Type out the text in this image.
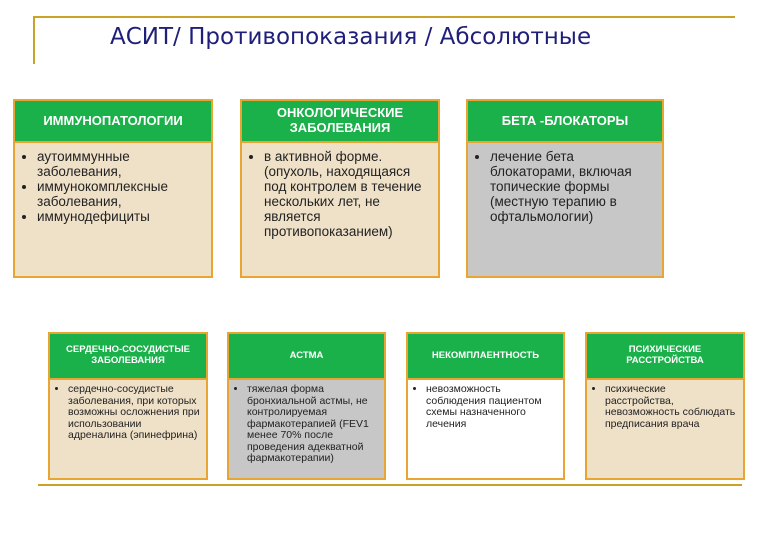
АСИТ/ Противопоказания / Абсолютные
ИММУНОПАТОЛОГИИ
• аутоиммунные заболевания,
• иммунокомплексные заболевания,
• иммунодефициты
ОНКОЛОГИЧЕСКИЕ ЗАБОЛЕВАНИЯ
• в активной форме. (опухоль, находящаяся под контролем в течение нескольких лет, не является противопоказанием)
БЕТА -БЛОКАТОРЫ
• лечение бета блокаторами, включая топические формы (местную терапию в офтальмологии)
СЕРДЕЧНО-СОСУДИСТЫЕ ЗАБОЛЕВАНИЯ
• сердечно-сосудистые заболевания, при которых возможны осложнения при использовании адреналина (эпинефрина)
АСТМА
• тяжелая форма бронхиальной астмы, не контролируемая фармакотерапией (FEV1 менее 70% после проведения адекватной фармакотерапии)
НЕКОМПЛАЕНТНОСТЬ
• невозможность соблюдения пациентом схемы назначенного лечения
ПСИХИЧЕСКИЕ РАССТРОЙСТВА
• психические расстройства, невозможность соблюдать предписания врача
